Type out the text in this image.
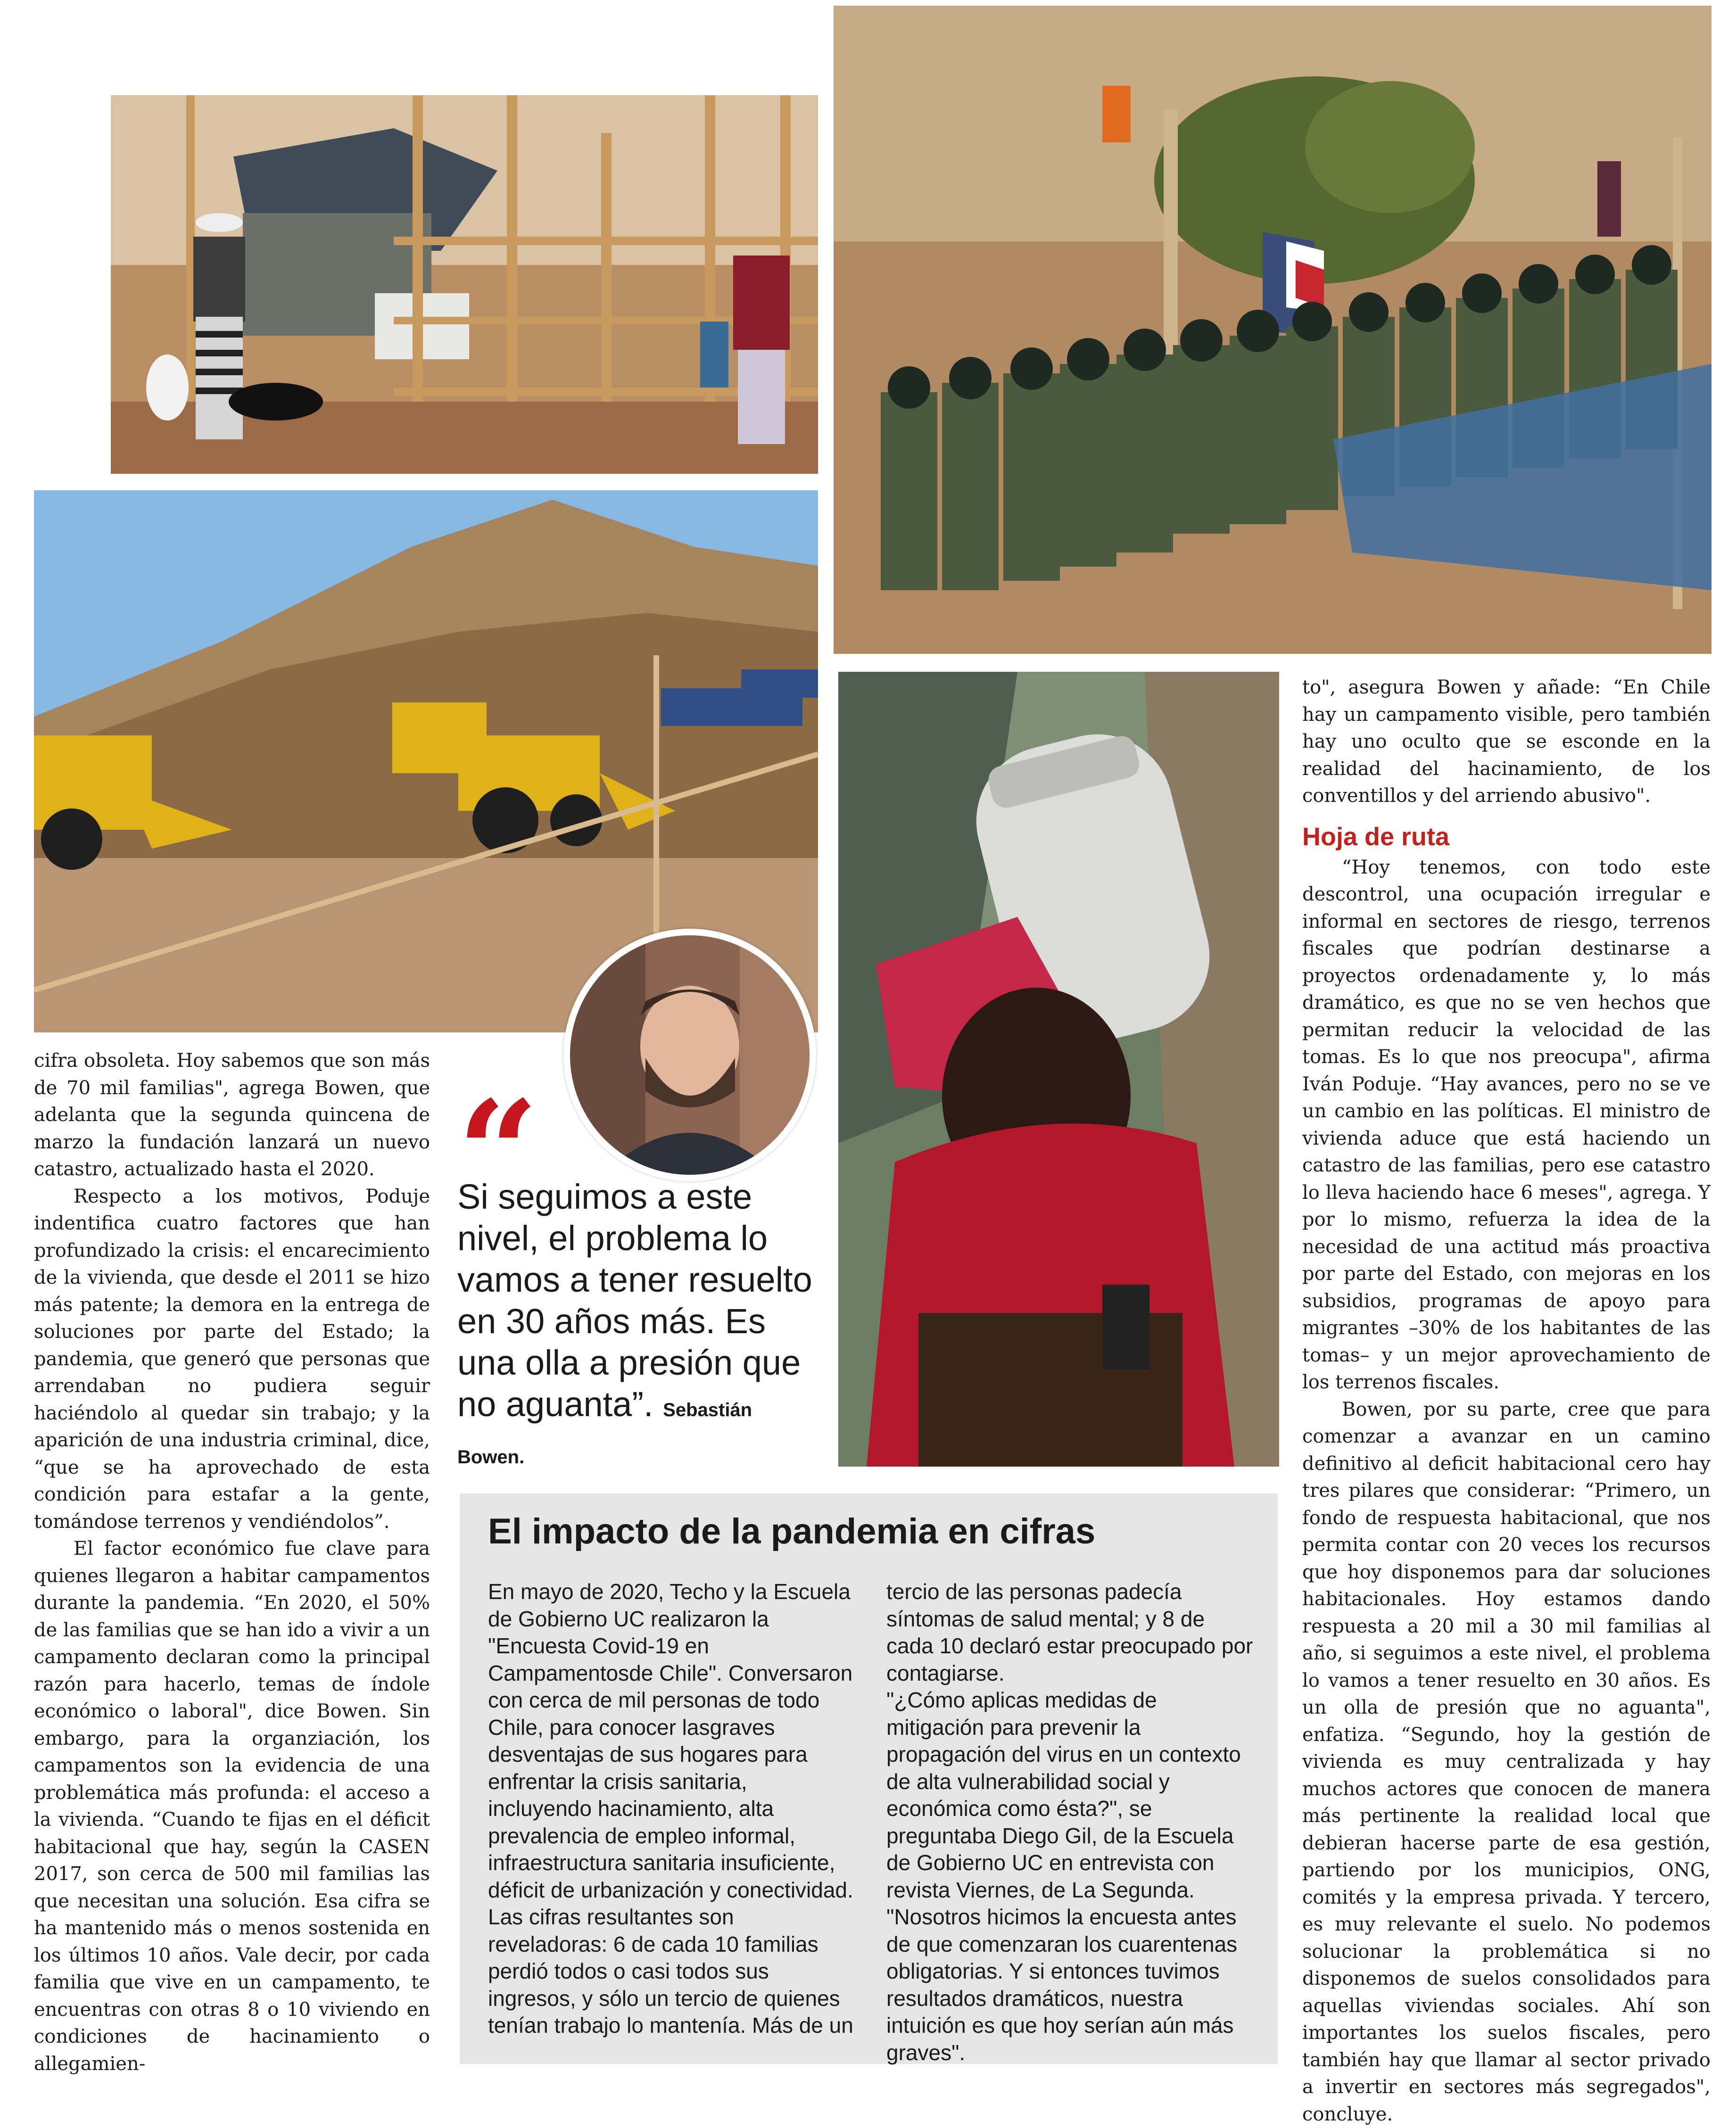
“
Si seguimos a este nivel, el problema lo vamos a tener resuelto en 30 años más. Es una olla a presión que no aguanta”. Sebastián Bowen.

cifra obsoleta. Hoy sabemos que son más de 70 mil familias", agrega Bowen, que adelanta que la segunda quincena de marzo la fundación lanzará un nuevo catastro, actualizado hasta el 2020.

Respecto a los motivos, Poduje indentifica cuatro factores que han profundizado la crisis: el encarecimiento de la vivienda, que desde el 2011 se hizo más patente; la demora en la entrega de soluciones por parte del Estado; la pandemia, que generó que personas que arrendaban no pudiera seguir haciéndolo al quedar sin trabajo; y la aparición de una industria criminal, dice, “que se ha aprovechado de esta condición para estafar a la gente, tomándose terrenos y vendiéndolos”.

El factor económico fue clave para quienes llegaron a habitar campamentos durante la pandemia. “En 2020, el 50% de las familias que se han ido a vivir a un campamento declaran como la principal razón para hacerlo, temas de índole económico o laboral", dice Bowen. Sin embargo, para la organziación, los campamentos son la evidencia de una problemática más profunda: el acceso a la vivienda. “Cuando te fijas en el déficit habitacional que hay, según la CASEN 2017, son cerca de 500 mil familias las que necesitan una solución. Esa cifra se ha mantenido más o menos sostenida en los últimos 10 años. Vale decir, por cada familia que vive en un campamento, te encuentras con otras 8 o 10 viviendo en condiciones de hacinamiento o allegamien-

to", asegura Bowen y añade: “En Chile hay un campamento visible, pero también hay uno oculto que se esconde en la realidad del hacinamiento, de los conventillos y del arriendo abusivo".

Hoja de ruta

“Hoy tenemos, con todo este descontrol, una ocupación irregular e informal en sectores de riesgo, terrenos fiscales que podrían destinarse a proyectos ordenadamente y, lo más dramático, es que no se ven hechos que permitan reducir la velocidad de las tomas. Es lo que nos preocupa", afirma Iván Poduje. “Hay avances, pero no se ve un cambio en las políticas. El ministro de vivienda aduce que está haciendo un catastro de las familias, pero ese catastro lo lleva haciendo hace 6 meses", agrega. Y por lo mismo, refuerza la idea de la necesidad de una actitud más proactiva por parte del Estado, con mejoras en los subsidios, programas de apoyo para migrantes –30% de los habitantes de las tomas– y un mejor aprovechamiento de los terrenos fiscales.

Bowen, por su parte, cree que para comenzar a avanzar en un camino definitivo al deficit habitacional cero hay tres pilares que considerar: “Primero, un fondo de respuesta habitacional, que nos permita contar con 20 veces los recursos que hoy disponemos para dar soluciones habitacionales. Hoy estamos dando respuesta a 20 mil a 30 mil familias al año, si seguimos a este nivel, el problema lo vamos a tener resuelto en 30 años. Es un olla de presión que no aguanta", enfatiza. “Segundo, hoy la gestión de vivienda es muy centralizada y hay muchos actores que conocen de manera más pertinente la realidad local que debieran hacerse parte de esa gestión, partiendo por los municipios, ONG, comités y la empresa privada. Y tercero, es muy relevante el suelo. No podemos solucionar la problemática si no disponemos de suelos consolidados para aquellas viviendas sociales. Ahí son importantes los suelos fiscales, pero también hay que llamar al sector privado a invertir en sectores más segregados", concluye.

El impacto de la pandemia en cifras

En mayo de 2020, Techo y la Escuela de Gobierno UC realizaron la "Encuesta Covid-19 en Campamentosde Chile". Conversaron con cerca de mil personas de todo Chile, para conocer lasgraves desventajas de sus hogares para enfrentar la crisis sanitaria, incluyendo hacinamiento, alta prevalencia de empleo informal, infraestructura sanitaria insuficiente, déficit de urbanización y conectividad.

Las cifras resultantes son reveladoras: 6 de cada 10 familias perdió todos o casi todos sus ingresos, y sólo un tercio de quienes tenían trabajo lo mantenía. Más de un

tercio de las personas padecía síntomas de salud mental; y 8 de cada 10 declaró estar preocupado por contagiarse.

"¿Cómo aplicas medidas de mitigación para prevenir la propagación del virus en un contexto de alta vulnerabilidad social y económica como ésta?", se preguntaba Diego Gil, de la Escuela de Gobierno UC en entrevista con revista Viernes, de La Segunda. "Nosotros hicimos la encuesta antes de que comenzaran los cuarentenas obligatorias. Y si entonces tuvimos resultados dramáticos, nuestra intuición es que hoy serían aún más graves".
